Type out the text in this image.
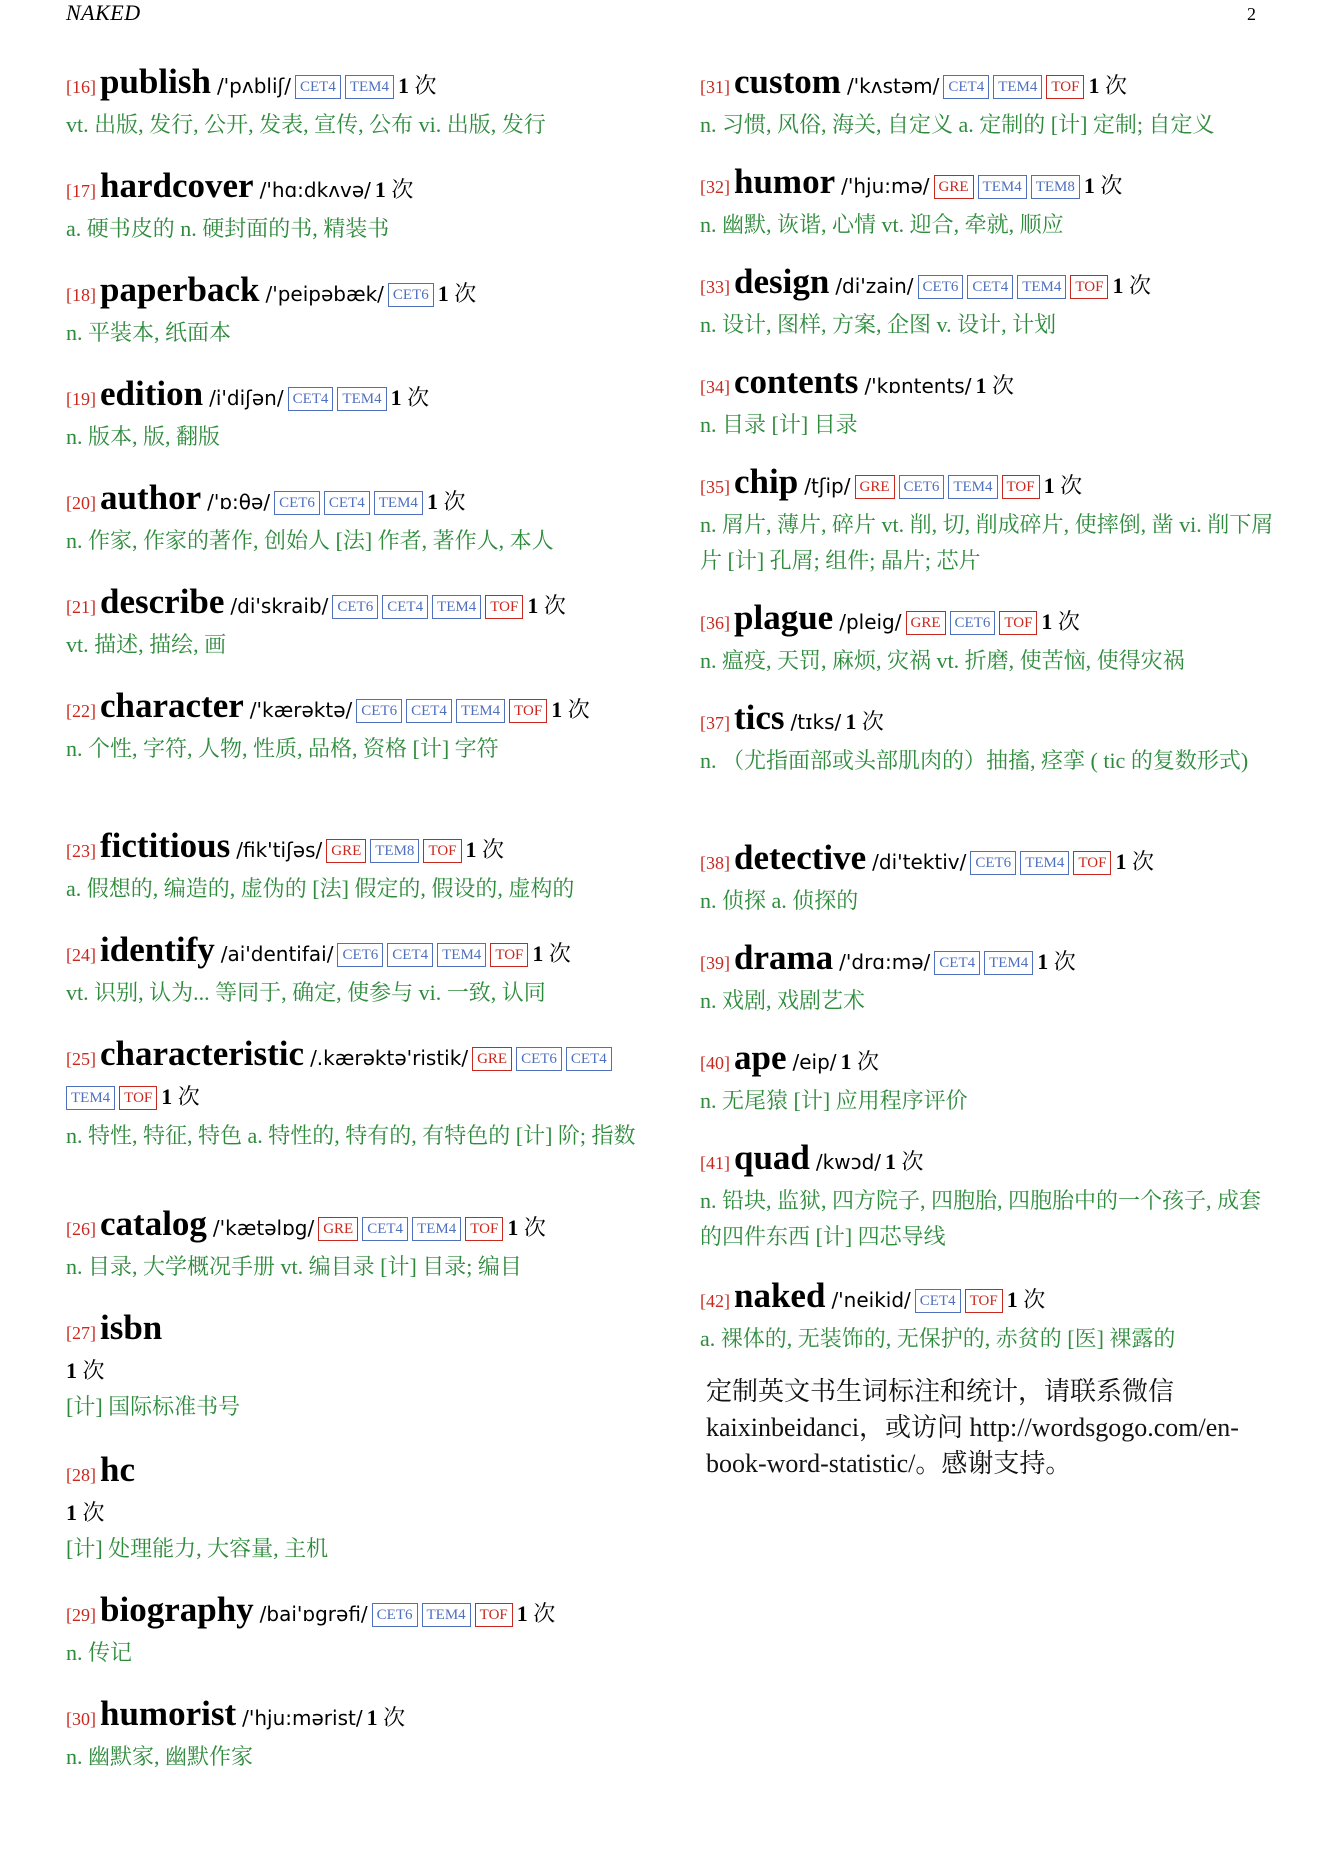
NAKED	2
[16] publish /'pʌbliʃ/ CET4 TEM4 1 次
vt. 出版, 发行, 公开, 发表, 宣传, 公布 vi. 出版, 发行
[17] hardcover /'hɑ:dkʌvə/ 1 次
a. 硬书皮的 n. 硬封面的书, 精装书
[18] paperback /'peipəbæk/ CET6 1 次
n. 平装本, 纸面本
[19] edition /i'diʃən/ CET4 TEM4 1 次
n. 版本, 版, 翻版
[20] author /'ɒ:θə/ CET6 CET4 TEM4 1 次
n. 作家, 作家的著作, 创始人 [法] 作者, 著作人, 本人
[21] describe /di'skraib/ CET6 CET4 TEM4 TOF 1 次
vt. 描述, 描绘, 画
[22] character /'kærəktə/ CET6 CET4 TEM4 TOF 1 次
n. 个性, 字符, 人物, 性质, 品格, 资格 [计] 字符
[23] fictitious /fik'tiʃəs/ GRE TEM8 TOF 1 次
a. 假想的, 编造的, 虚伪的 [法] 假定的, 假设的, 虚构的
[24] identify /ai'dentifai/ CET6 CET4 TEM4 TOF 1 次
vt. 识别, 认为... 等同于, 确定, 使参与 vi. 一致, 认同
[25] characteristic /.kærəktə'ristik/ GRE CET6 CET4TEM4 TOF 1 次
n. 特性, 特征, 特色 a. 特性的, 特有的, 有特色的 [计] 阶; 指数
[26] catalog /'kætəlɒg/ GRE CET4 TEM4 TOF 1 次
n. 目录, 大学概况手册 vt. 编目录 [计] 目录; 编目
[27] isbn
1 次
[计] 国际标准书号
[28] hc
1 次
[计] 处理能力, 大容量, 主机
[29] biography /bai'ɒgrəfi/ CET6 TEM4 TOF 1 次
n. 传记
[30] humorist /'hju:mərist/ 1 次
n. 幽默家, 幽默作家
[31] custom /'kʌstəm/ CET4 TEM4 TOF 1 次
n. 习惯, 风俗, 海关, 自定义 a. 定制的 [计] 定制; 自定义
[32] humor /'hju:mə/ GRE TEM4 TEM8 1 次
n. 幽默, 诙谐, 心情 vt. 迎合, 牵就, 顺应
[33] design /di'zain/ CET6 CET4 TEM4 TOF 1 次
n. 设计, 图样, 方案, 企图 v. 设计, 计划
[34] contents /'kɒntents/ 1 次
n. 目录 [计] 目录
[35] chip /tʃip/ GRE CET6 TEM4 TOF 1 次
n. 屑片, 薄片, 碎片 vt. 削, 切, 削成碎片, 使摔倒, 凿 vi. 削下屑片 [计] 孔屑; 组件; 晶片; 芯片
[36] plague /pleig/ GRE CET6 TOF 1 次
n. 瘟疫, 天罚, 麻烦, 灾祸 vt. 折磨, 使苦恼, 使得灾祸
[37] tics /tɪks/ 1 次
n. （尤指面部或头部肌肉的）抽搐, 痉挛 ( tic 的复数形式)
[38] detective /di'tektiv/ CET6 TEM4 TOF 1 次
n. 侦探 a. 侦探的
[39] drama /'drɑ:mə/ CET4 TEM4 1 次
n. 戏剧, 戏剧艺术
[40] ape /eip/ 1 次
n. 无尾猿 [计] 应用程序评价
[41] quad /kwɔd/ 1 次
n. 铅块, 监狱, 四方院子, 四胞胎, 四胞胎中的一个孩子, 成套的四件东西 [计] 四芯导线
[42] naked /'neikid/ CET4 TOF 1 次
a. 裸体的, 无装饰的, 无保护的, 赤贫的 [医] 裸露的
定制英文书生词标注和统计，请联系微信 kaixinbeidanci，或访问 http://wordsgogo.com/en-book-word-statistic/。感谢支持。
